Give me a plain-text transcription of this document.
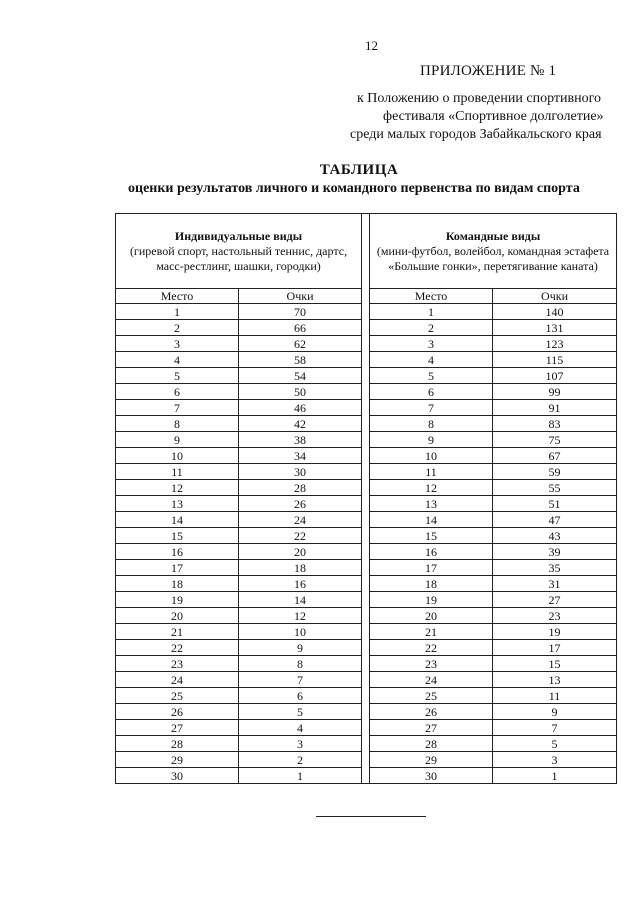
12
ПРИЛОЖЕНИЕ № 1
к Положению о проведении спортивного
фестиваля «Спортивное долголетие»
среди малых городов Забайкальского края
ТАБЛИЦА
оценки результатов личного и командного первенства по видам спорта
Индивидуальные виды
(гиревой спорт, настольный теннис, дартс, масс-рестлинг, шашки, городки)			Командные виды
(мини-футбол, волейбол, командная эстафета «Большие гонки», перетягивание каната)	

Место	Очки		Место	Очки
1	70		1	140
2	66		2	131
3	62		3	123
4	58		4	115
5	54		5	107
6	50		6	99
7	46		7	91
8	42		8	83
9	38		9	75
10	34		10	67
11	30		11	59
12	28		12	55
13	26		13	51
14	24		14	47
15	22		15	43
16	20		16	39
17	18		17	35
18	16		18	31
19	14		19	27
20	12		20	23
21	10		21	19
22	9		22	17
23	8		23	15
24	7		24	13
25	6		25	11
26	5		26	9
27	4		27	7
28	3		28	5
29	2		29	3
30	1		30	1
